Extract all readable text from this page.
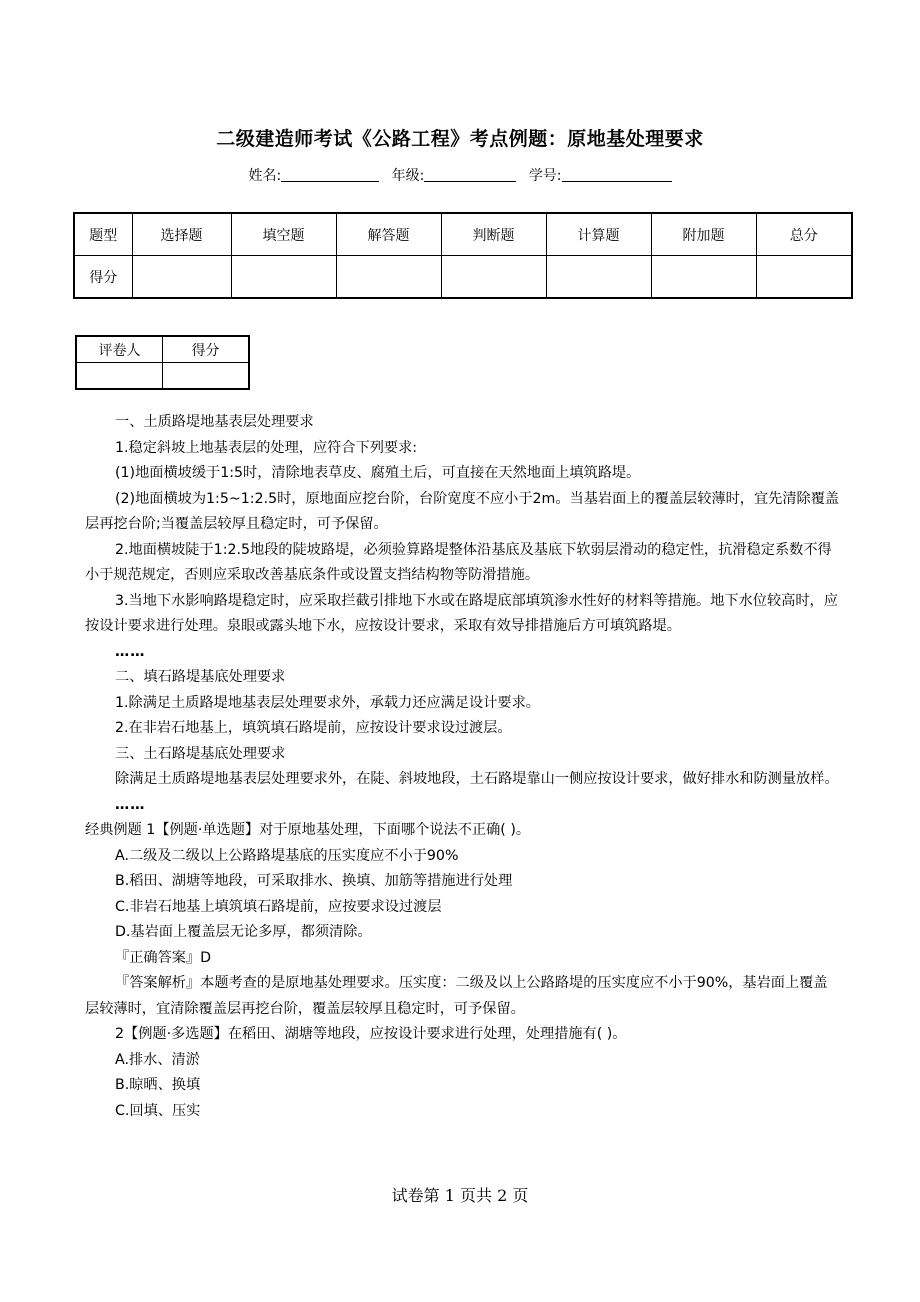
二级建造师考试《公路工程》考点例题：原地基处理要求
姓名:	年级:	学号:
题型	选择题	填空题	解答题	判断题	计算题	附加题	总分
得分							
评卷人	得分

一、土质路堤地基表层处理要求

1.稳定斜坡上地基表层的处理，应符合下列要求:

(1)地面横坡缓于1:5时，清除地表草皮、腐殖土后，可直接在天然地面上填筑路堤。

(2)地面横坡为1:5~1:2.5时，原地面应挖台阶，台阶宽度不应小于2m。当基岩面上的覆盖层较薄时，宜先清除覆盖层再挖台阶;当覆盖层较厚且稳定时，可予保留。

2.地面横坡陡于1:2.5地段的陡坡路堤，必须验算路堤整体沿基底及基底下软弱层滑动的稳定性，抗滑稳定系数不得小于规范规定，否则应采取改善基底条件或设置支挡结构物等防滑措施。

3.当地下水影响路堤稳定时，应采取拦截引排地下水或在路堤底部填筑渗水性好的材料等措施。地下水位较高时，应按设计要求进行处理。泉眼或露头地下水，应按设计要求，采取有效导排措施后方可填筑路堤。

……

二、填石路堤基底处理要求

1.除满足土质路堤地基表层处理要求外，承载力还应满足设计要求。

2.在非岩石地基上，填筑填石路堤前，应按设计要求设过渡层。

三、土石路堤基底处理要求

除满足土质路堤地基表层处理要求外，在陡、斜坡地段，土石路堤靠山一侧应按设计要求，做好排水和防测量放样。

……

经典例题 1【例题·单选题】对于原地基处理，下面哪个说法不正确( )。

A.二级及二级以上公路路堤基底的压实度应不小于90%

B.稻田、湖塘等地段，可采取排水、换填、加筋等措施进行处理

C.非岩石地基上填筑填石路堤前，应按要求设过渡层

D.基岩面上覆盖层无论多厚，都须清除。

『正确答案』D

『答案解析』本题考查的是原地基处理要求。压实度：二级及以上公路路堤的压实度应不小于90%，基岩面上覆盖层较薄时，宜清除覆盖层再挖台阶，覆盖层较厚且稳定时，可予保留。

2【例题·多选题】在稻田、湖塘等地段，应按设计要求进行处理，处理措施有( )。

A.排水、清淤

B.晾晒、换填

C.回填、压实

试卷第 1 页共 2 页
